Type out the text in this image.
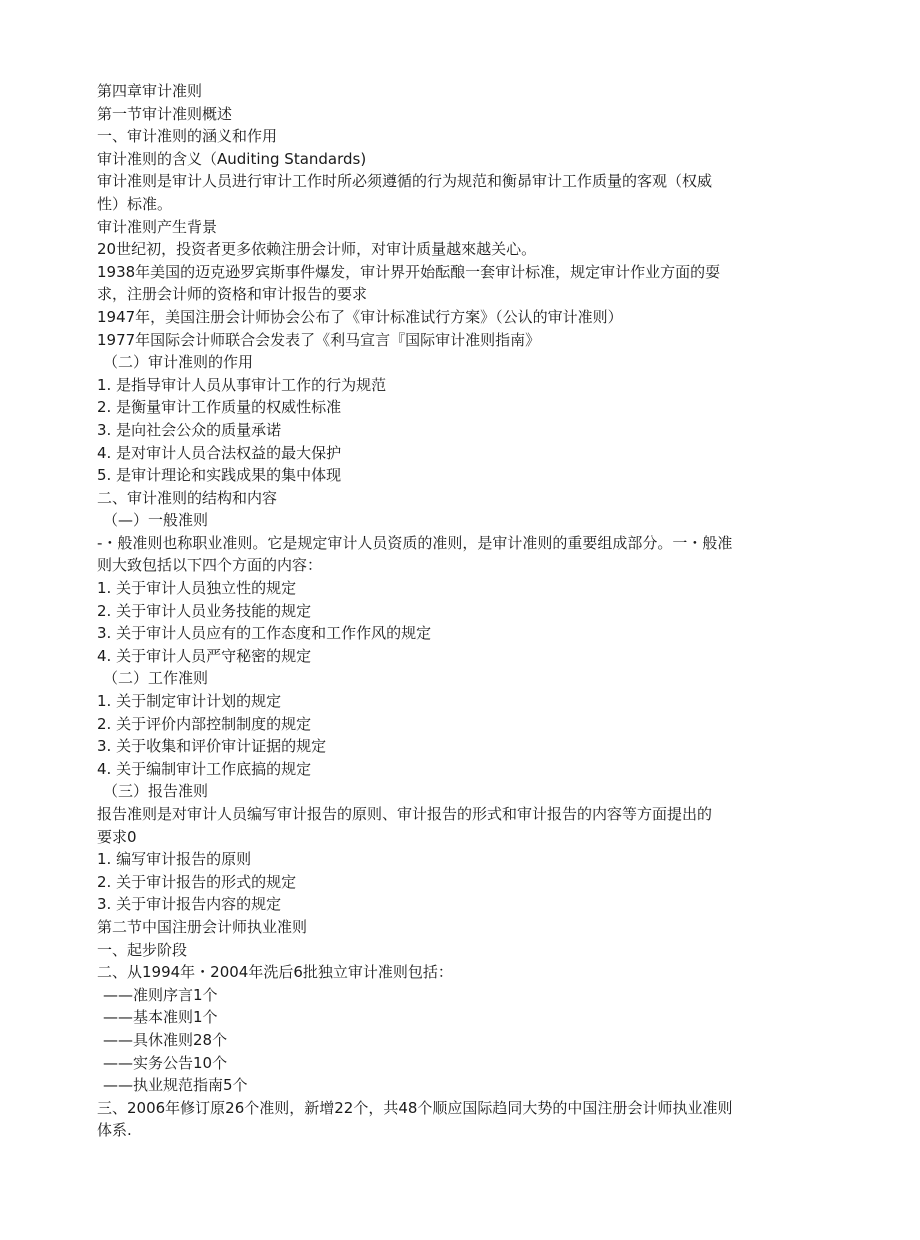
第四章审计准则
第一节审计准则概述
一、审计准则的涵义和作用
审计准则的含义（Auditing Standards)
审计准则是审计人员进行审计工作时所必须遵循的行为规范和衡昴审计工作质量的客观（权威
性）标准。
审计准则产生背景
20世纪初，投资者更多依赖注册会计师，对审计质量越來越关心。
1938年美国的迈克逊罗宾斯事件爆发，审计界开始酝酿一套审计标准，规定审计作业方面的耍
求，注册会计师的资格和审计报告的要求
1947年，美国注册会计师协会公布了《审计标准试行方案》（公认的审计准则）
1977年国际会计师联合会发表了《利马宣言『国际审计准则指南》
（二）审计准则的作用
1. 是指导审计人员从事审计工作的行为规范
2. 是衡量审计工作质量的权威性标准
3. 是向社会公众的质量承诺
4. 是对审计人员合法权益的最大保护
5. 是审计理论和实践成果的集中体现
二、审计准则的结构和内容
（—）一般准则
-・般准则也称职业准则。它是规定审计人员资质的准则，是审计准则的重要组成部分。一・般准
则大致包括以下四个方面的内容：
1. 关于审计人员独立性的规定
2. 关于审计人员业务技能的规定
3. 关于审计人员应有的工作态度和工作作风的规定
4. 关于审计人员严守秘密的规定
（二）工作准则
1. 关于制定审计计划的规定
2. 关于评价内部控制制度的规定
3. 关于收集和评价审计证据的规定
4. 关于编制审计工作底搞的规定
（三）报告准则
报告准则是对审计人员编写审计报告的原则、审计报告的形式和审计报告的内容等方面提出的
要求0
1. 编写审计报告的原则
2. 关于审计报告的形式的规定
3. 关于审计报告内容的规定
第二节中国注册会计师执业准则
一、起步阶段
二、从1994年・2004年洗后6批独立审计准则包括：
——准则序言1个
——基本准则1个
——具休准则28个
——实务公告10个
——执业规范指南5个
三、2006年修订原26个准则，新增22个，共48个顺应国际趋同大势的中国注册会计师执业准则
体系.
